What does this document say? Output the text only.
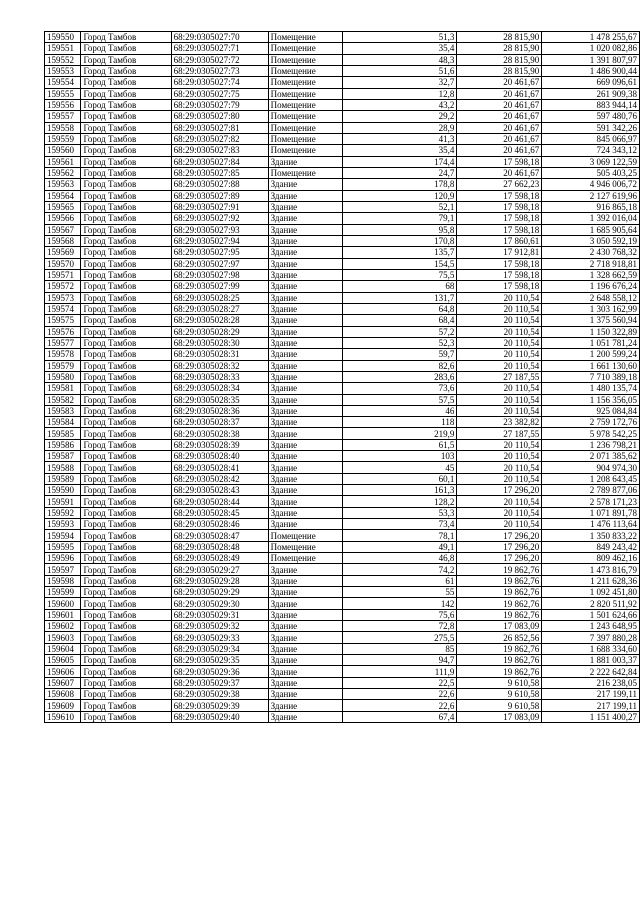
159550	Город Тамбов	68:29:0305027:70	Помещение	51,3	28 815,90	1 478 255,67
159551	Город Тамбов	68:29:0305027:71	Помещение	35,4	28 815,90	1 020 082,86
159552	Город Тамбов	68:29:0305027:72	Помещение	48,3	28 815,90	1 391 807,97
159553	Город Тамбов	68:29:0305027:73	Помещение	51,6	28 815,90	1 486 900,44
159554	Город Тамбов	68:29:0305027:74	Помещение	32,7	20 461,67	669 096,61
159555	Город Тамбов	68:29:0305027:75	Помещение	12,8	20 461,67	261 909,38
159556	Город Тамбов	68:29:0305027:79	Помещение	43,2	20 461,67	883 944,14
159557	Город Тамбов	68:29:0305027:80	Помещение	29,2	20 461,67	597 480,76
159558	Город Тамбов	68:29:0305027:81	Помещение	28,9	20 461,67	591 342,26
159559	Город Тамбов	68:29:0305027:82	Помещение	41,3	20 461,67	845 066,97
159560	Город Тамбов	68:29:0305027:83	Помещение	35,4	20 461,67	724 343,12
159561	Город Тамбов	68:29:0305027:84	Здание	174,4	17 598,18	3 069 122,59
159562	Город Тамбов	68:29:0305027:85	Помещение	24,7	20 461,67	505 403,25
159563	Город Тамбов	68:29:0305027:88	Здание	178,8	27 662,23	4 946 006,72
159564	Город Тамбов	68:29:0305027:89	Здание	120,9	17 598,18	2 127 619,96
159565	Город Тамбов	68:29:0305027:91	Здание	52,1	17 598,18	916 865,18
159566	Город Тамбов	68:29:0305027:92	Здание	79,1	17 598,18	1 392 016,04
159567	Город Тамбов	68:29:0305027:93	Здание	95,8	17 598,18	1 685 905,64
159568	Город Тамбов	68:29:0305027:94	Здание	170,8	17 860,61	3 050 592,19
159569	Город Тамбов	68:29:0305027:95	Здание	135,7	17 912,81	2 430 768,32
159570	Город Тамбов	68:29:0305027:97	Здание	154,5	17 598,18	2 718 918,81
159571	Город Тамбов	68:29:0305027:98	Здание	75,5	17 598,18	1 328 662,59
159572	Город Тамбов	68:29:0305027:99	Здание	68	17 598,18	1 196 676,24
159573	Город Тамбов	68:29:0305028:25	Здание	131,7	20 110,54	2 648 558,12
159574	Город Тамбов	68:29:0305028:27	Здание	64,8	20 110,54	1 303 162,99
159575	Город Тамбов	68:29:0305028:28	Здание	68,4	20 110,54	1 375 560,94
159576	Город Тамбов	68:29:0305028:29	Здание	57,2	20 110,54	1 150 322,89
159577	Город Тамбов	68:29:0305028:30	Здание	52,3	20 110,54	1 051 781,24
159578	Город Тамбов	68:29:0305028:31	Здание	59,7	20 110,54	1 200 599,24
159579	Город Тамбов	68:29:0305028:32	Здание	82,6	20 110,54	1 661 130,60
159580	Город Тамбов	68:29:0305028:33	Здание	283,6	27 187,55	7 710 389,18
159581	Город Тамбов	68:29:0305028:34	Здание	73,6	20 110,54	1 480 135,74
159582	Город Тамбов	68:29:0305028:35	Здание	57,5	20 110,54	1 156 356,05
159583	Город Тамбов	68:29:0305028:36	Здание	46	20 110,54	925 084,84
159584	Город Тамбов	68:29:0305028:37	Здание	118	23 382,82	2 759 172,76
159585	Город Тамбов	68:29:0305028:38	Здание	219,9	27 187,55	5 978 542,25
159586	Город Тамбов	68:29:0305028:39	Здание	61,5	20 110,54	1 236 798,21
159587	Город Тамбов	68:29:0305028:40	Здание	103	20 110,54	2 071 385,62
159588	Город Тамбов	68:29:0305028:41	Здание	45	20 110,54	904 974,30
159589	Город Тамбов	68:29:0305028:42	Здание	60,1	20 110,54	1 208 643,45
159590	Город Тамбов	68:29:0305028:43	Здание	161,3	17 296,20	2 789 877,06
159591	Город Тамбов	68:29:0305028:44	Здание	128,2	20 110,54	2 578 171,23
159592	Город Тамбов	68:29:0305028:45	Здание	53,3	20 110,54	1 071 891,78
159593	Город Тамбов	68:29:0305028:46	Здание	73,4	20 110,54	1 476 113,64
159594	Город Тамбов	68:29:0305028:47	Помещение	78,1	17 296,20	1 350 833,22
159595	Город Тамбов	68:29:0305028:48	Помещение	49,1	17 296,20	849 243,42
159596	Город Тамбов	68:29:0305028:49	Помещение	46,8	17 296,20	809 462,16
159597	Город Тамбов	68:29:0305029:27	Здание	74,2	19 862,76	1 473 816,79
159598	Город Тамбов	68:29:0305029:28	Здание	61	19 862,76	1 211 628,36
159599	Город Тамбов	68:29:0305029:29	Здание	55	19 862,76	1 092 451,80
159600	Город Тамбов	68:29:0305029:30	Здание	142	19 862,76	2 820 511,92
159601	Город Тамбов	68:29:0305029:31	Здание	75,6	19 862,76	1 501 624,66
159602	Город Тамбов	68:29:0305029:32	Здание	72,8	17 083,09	1 243 648,95
159603	Город Тамбов	68:29:0305029:33	Здание	275,5	26 852,56	7 397 880,28
159604	Город Тамбов	68:29:0305029:34	Здание	85	19 862,76	1 688 334,60
159605	Город Тамбов	68:29:0305029:35	Здание	94,7	19 862,76	1 881 003,37
159606	Город Тамбов	68:29:0305029:36	Здание	111,9	19 862,76	2 222 642,84
159607	Город Тамбов	68:29:0305029:37	Здание	22,5	9 610,58	216 238,05
159608	Город Тамбов	68:29:0305029:38	Здание	22,6	9 610,58	217 199,11
159609	Город Тамбов	68:29:0305029:39	Здание	22,6	9 610,58	217 199,11
159610	Город Тамбов	68:29:0305029:40	Здание	67,4	17 083,09	1 151 400,27
